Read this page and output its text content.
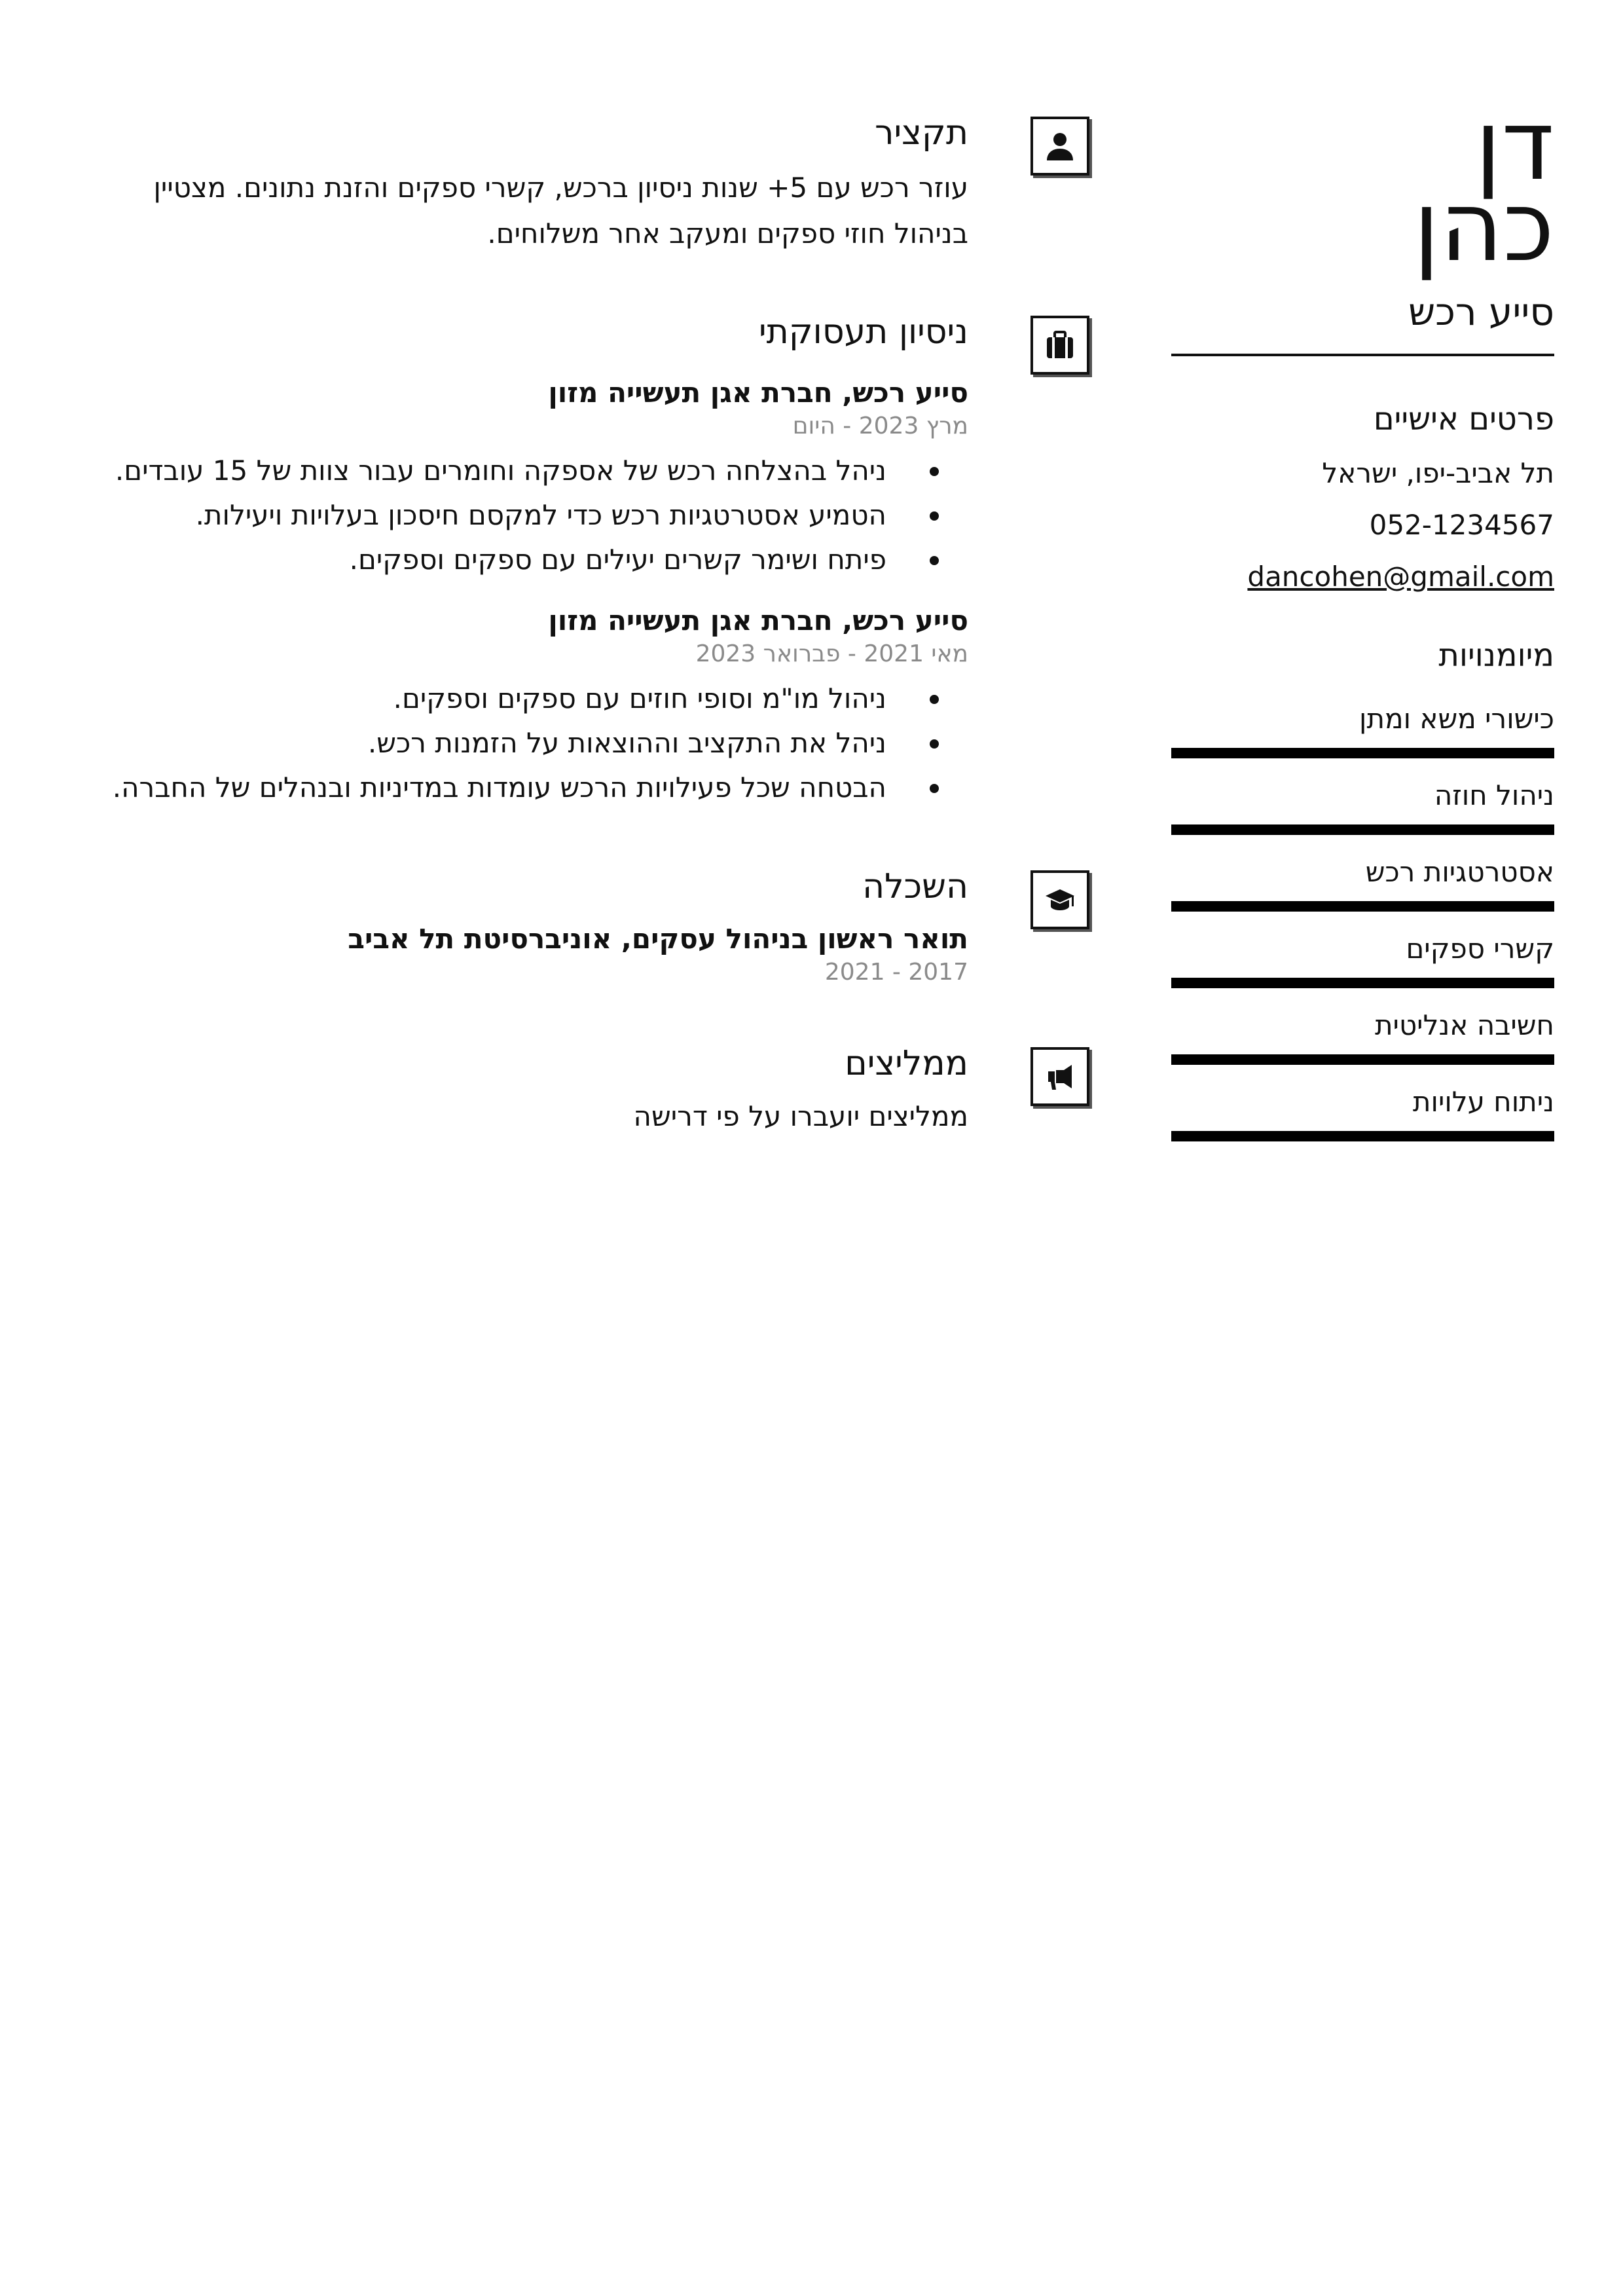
דן
כהן
סייע רכש
פרטים אישיים
תל אביב-יפו, ישראל
052-1234567
dancohen@gmail.com
מיומנויות
כישורי משא ומתן
ניהול חוזה
אסטרטגיות רכש
קשרי ספקים
חשיבה אנליטית
ניתוח עלויות
תקציר
עוזר רכש עם 5+ שנות ניסיון ברכש, קשרי ספקים והזנת נתונים. מצטיין
בניהול חוזי ספקים ומעקב אחר משלוחים.
ניסיון תעסוקתי
סייע רכש, חברת אגן תעשייה מזון
מרץ 2023 - היום
ניהל בהצלחה רכש של אספקה וחומרים עבור צוות של 15 עובדים.
הטמיע אסטרטגיות רכש כדי למקסם חיסכון בעלויות ויעילות.
פיתח ושימר קשרים יעילים עם ספקים וספקים.
סייע רכש, חברת אגן תעשייה מזון
מאי 2021 - פברואר 2023
ניהול מו"מ וסופי חוזים עם ספקים וספקים.
ניהל את התקציב וההוצאות על הזמנות רכש.
הבטחה שכל פעילויות הרכש עומדות במדיניות ובנהלים של החברה.
השכלה
תואר ראשון בניהול עסקים, אוניברסיטת תל אביב
2017 - 2021
ממליצים
ממליצים יועברו על פי דרישה
